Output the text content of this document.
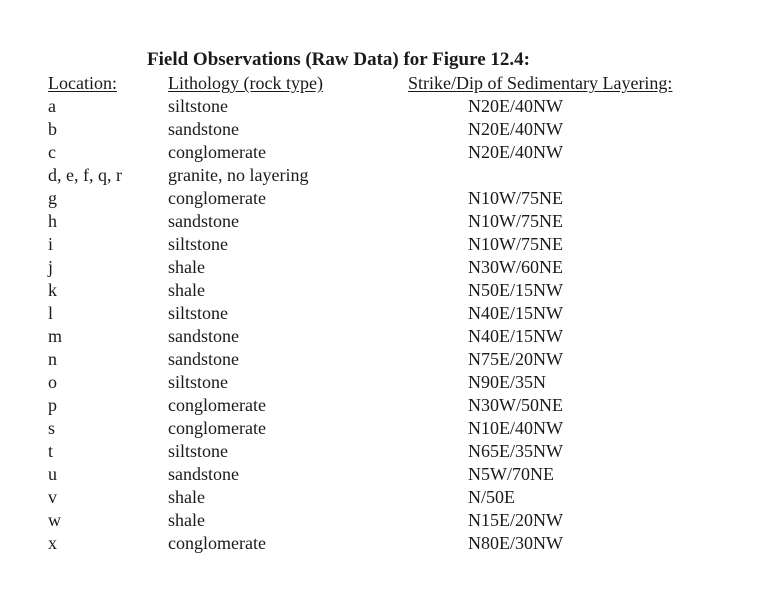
Field Observations (Raw Data) for Figure 12.4:
Location:	Lithology (rock type)	Strike/Dip of Sedimentary Layering:
a	siltstone	N20E/40NW
b	sandstone	N20E/40NW
c	conglomerate	N20E/40NW
d, e, f, q, r	granite, no layering
g	conglomerate	N10W/75NE
h	sandstone	N10W/75NE
i	siltstone	N10W/75NE
j	shale	N30W/60NE
k	shale	N50E/15NW
l	siltstone	N40E/15NW
m	sandstone	N40E/15NW
n	sandstone	N75E/20NW
o	siltstone	N90E/35N
p	conglomerate	N30W/50NE
s	conglomerate	N10E/40NW
t	siltstone	N65E/35NW
u	sandstone	N5W/70NE
v	shale	N/50E
w	shale	N15E/20NW
x	conglomerate	N80E/30NW
